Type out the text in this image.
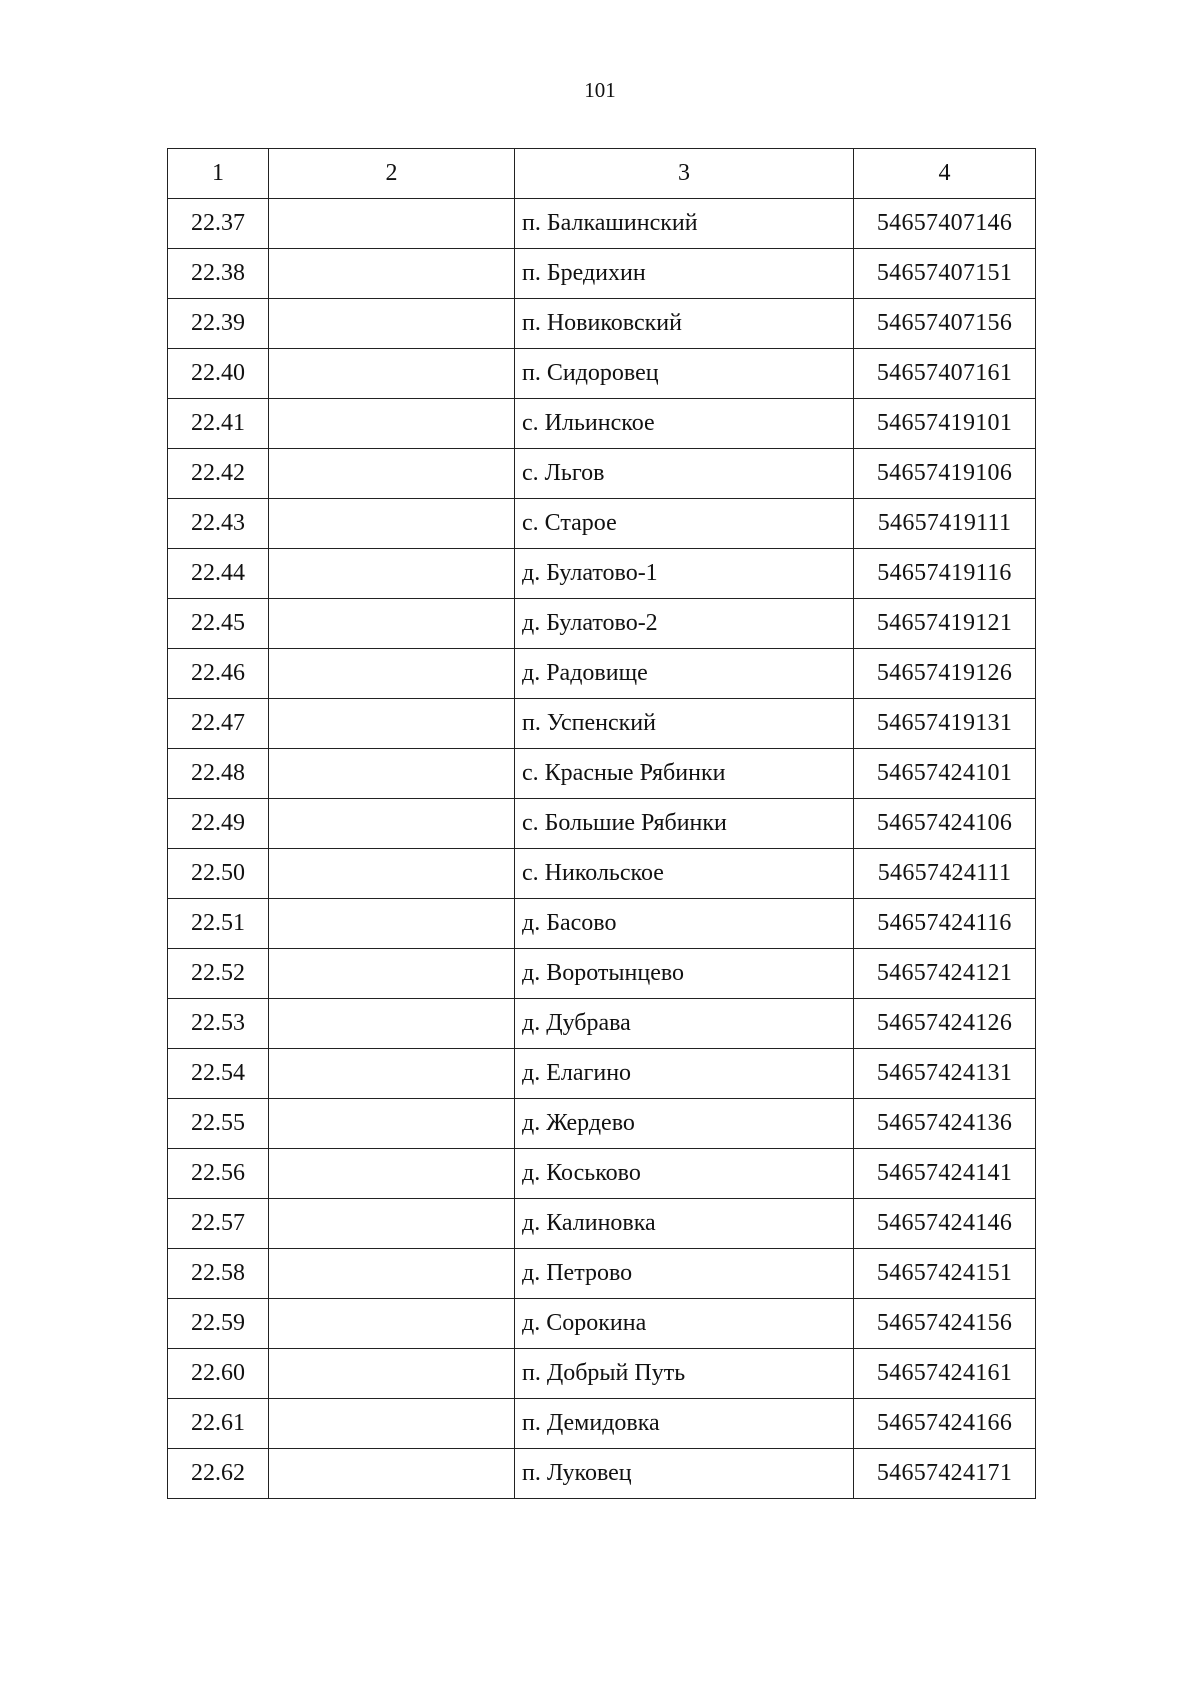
101
1	2	3	4
22.37		п. Балкашинский	54657407146
22.38		п. Бредихин	54657407151
22.39		п. Новиковский	54657407156
22.40		п. Сидоровец	54657407161
22.41		с. Ильинское	54657419101
22.42		с. Льгов	54657419106
22.43		с. Старое	54657419111
22.44		д. Булатово-1	54657419116
22.45		д. Булатово-2	54657419121
22.46		д. Радовище	54657419126
22.47		п. Успенский	54657419131
22.48		с. Красные Рябинки	54657424101
22.49		с. Большие Рябинки	54657424106
22.50		с. Никольское	54657424111
22.51		д. Басово	54657424116
22.52		д. Воротынцево	54657424121
22.53		д. Дубрава	54657424126
22.54		д. Елагино	54657424131
22.55		д. Жердево	54657424136
22.56		д. Коськово	54657424141
22.57		д. Калиновка	54657424146
22.58		д. Петрово	54657424151
22.59		д. Сорокина	54657424156
22.60		п. Добрый Путь	54657424161
22.61		п. Демидовка	54657424166
22.62		п. Луковец	54657424171
